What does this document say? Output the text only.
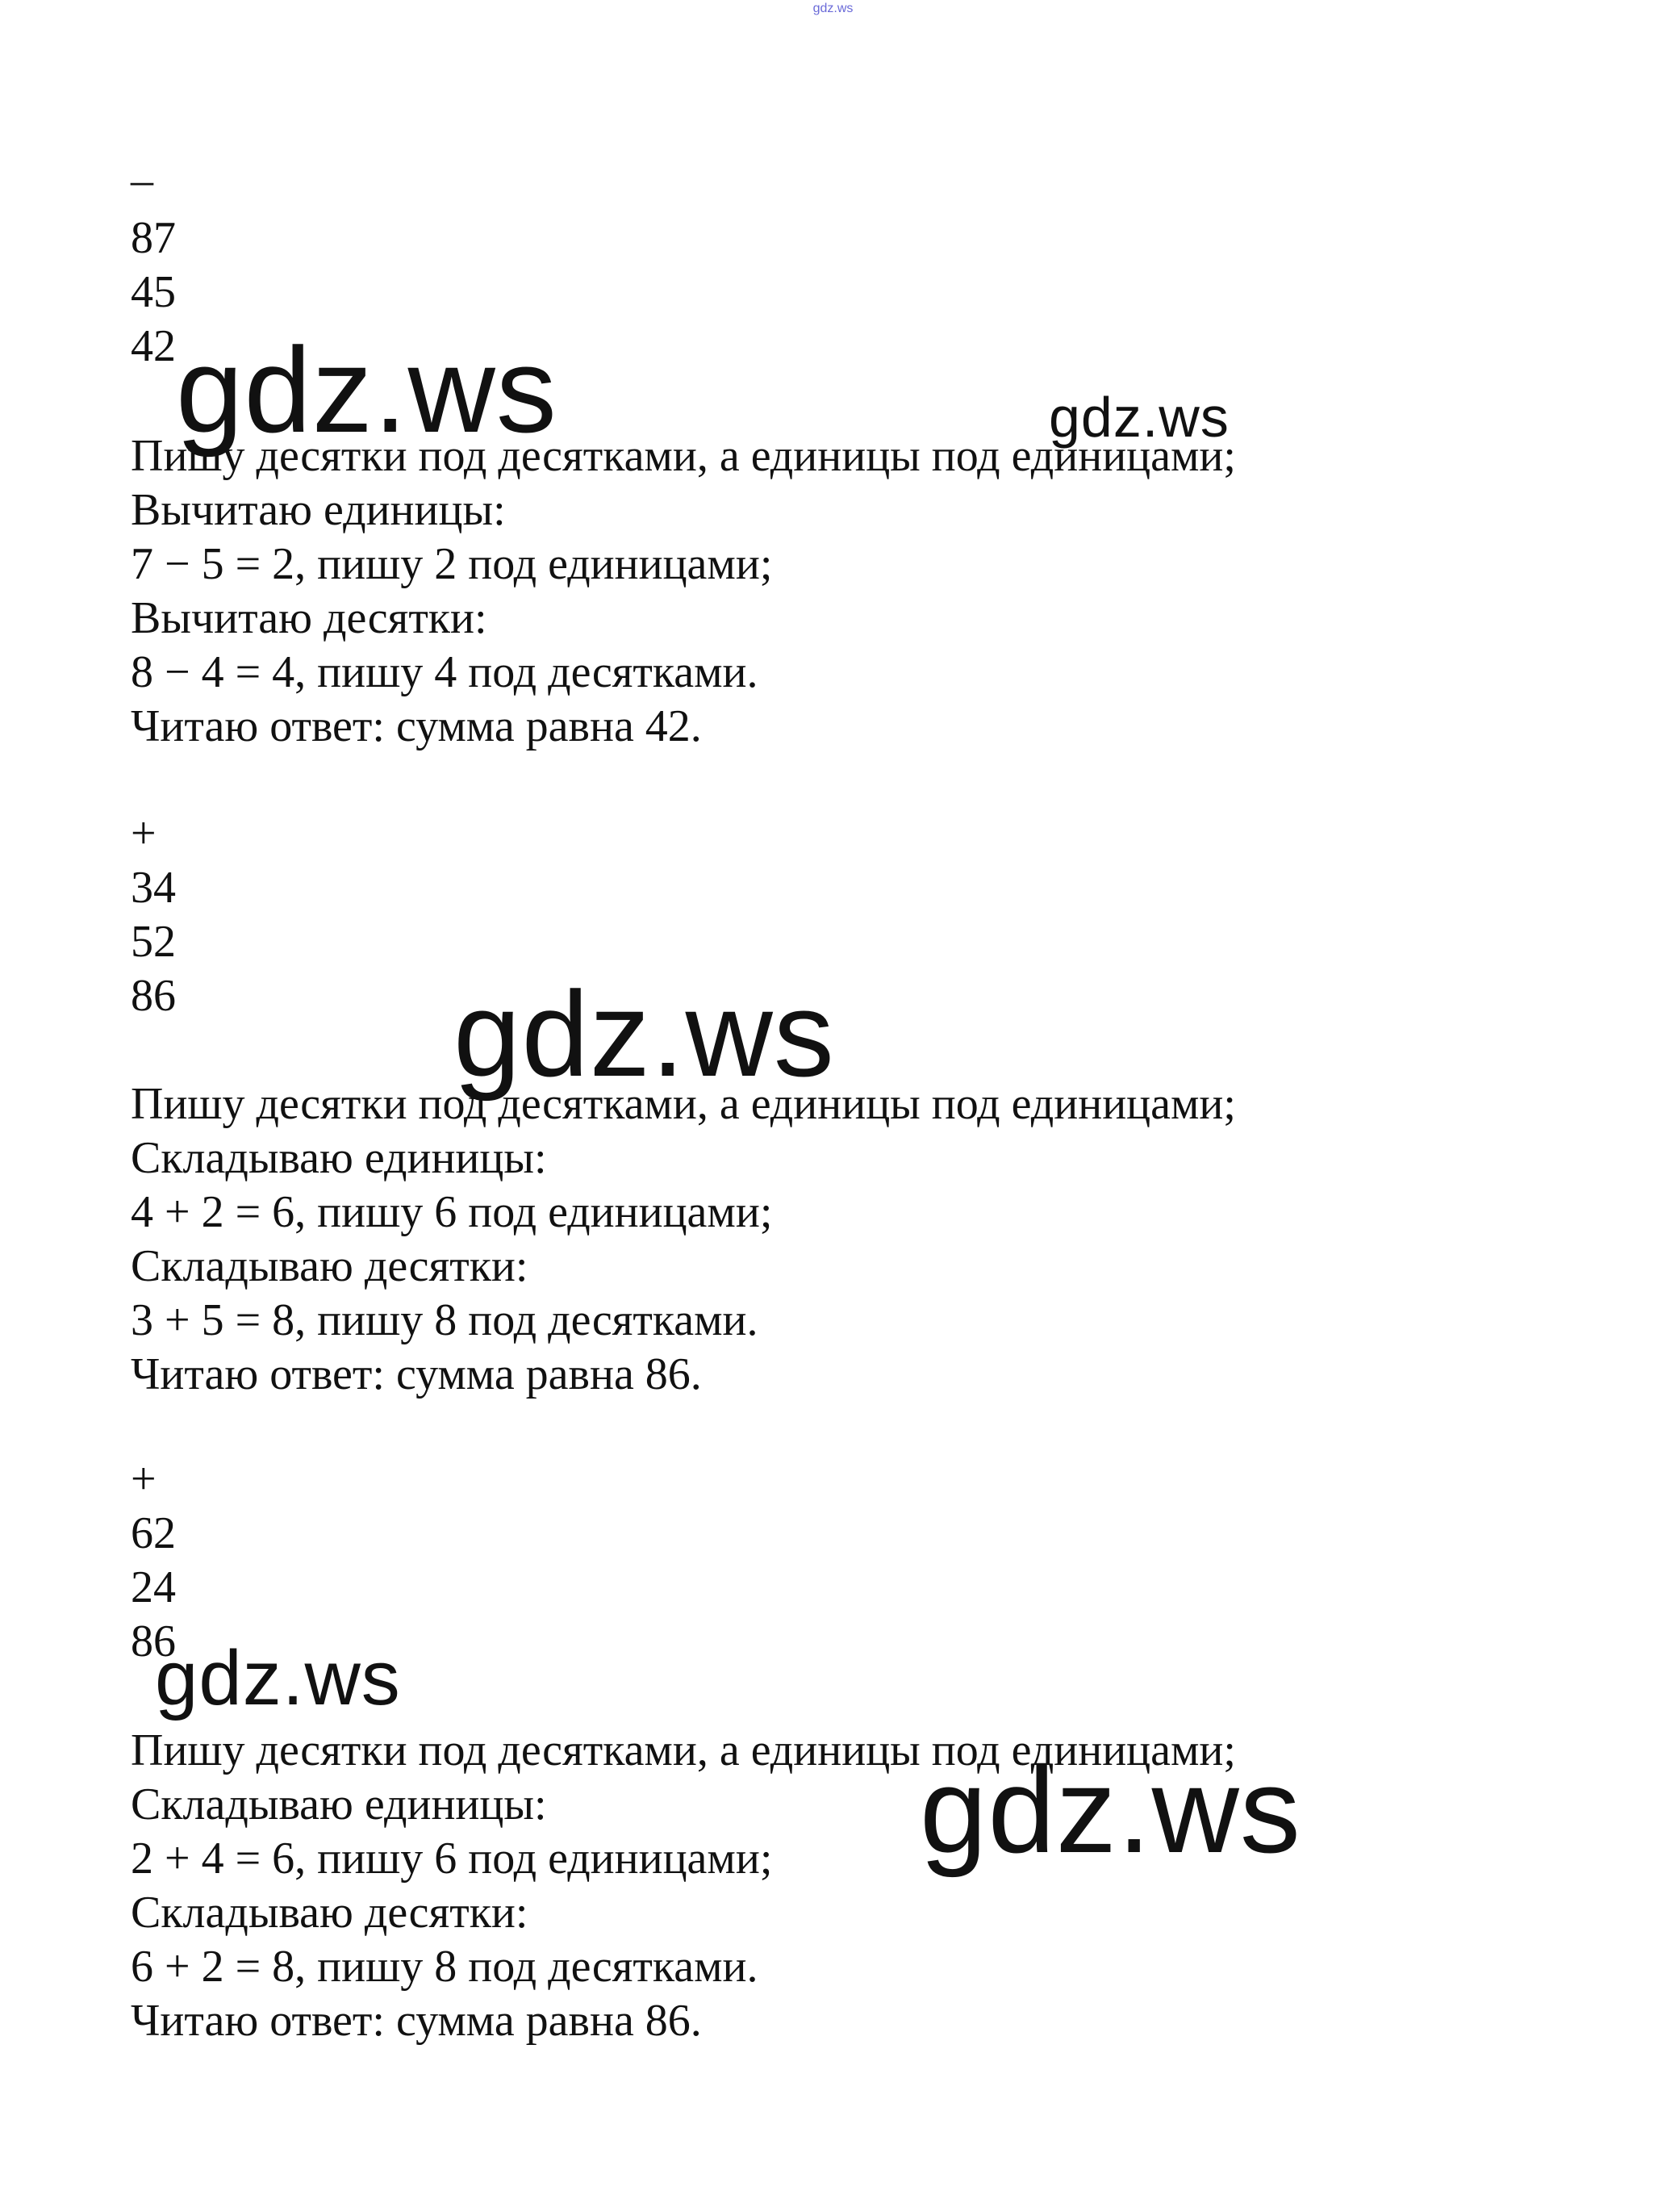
gdz.ws
–
87
45
42
Пишу десятки под десятками, а единицы под единицами;
Вычитаю единицы:
7 − 5 = 2, пишу 2 под единицами;
Вычитаю десятки:
8 − 4 = 4, пишу 4 под десятками.
Читаю ответ: сумма равна 42.
+
34
52
86
Пишу десятки под десятками, а единицы под единицами;
Складываю единицы:
4 + 2 = 6, пишу 6 под единицами;
Складываю десятки:
3 + 5 = 8, пишу 8 под десятками.
Читаю ответ: сумма равна 86.
+
62
24
86
Пишу десятки под десятками, а единицы под единицами;
Складываю единицы:
2 + 4 = 6, пишу 6 под единицами;
Складываю десятки:
6 + 2 = 8, пишу 8 под десятками.
Читаю ответ: сумма равна 86.
gdz.ws	gdz.ws
gdz.ws
gdz.ws
gdz.ws
